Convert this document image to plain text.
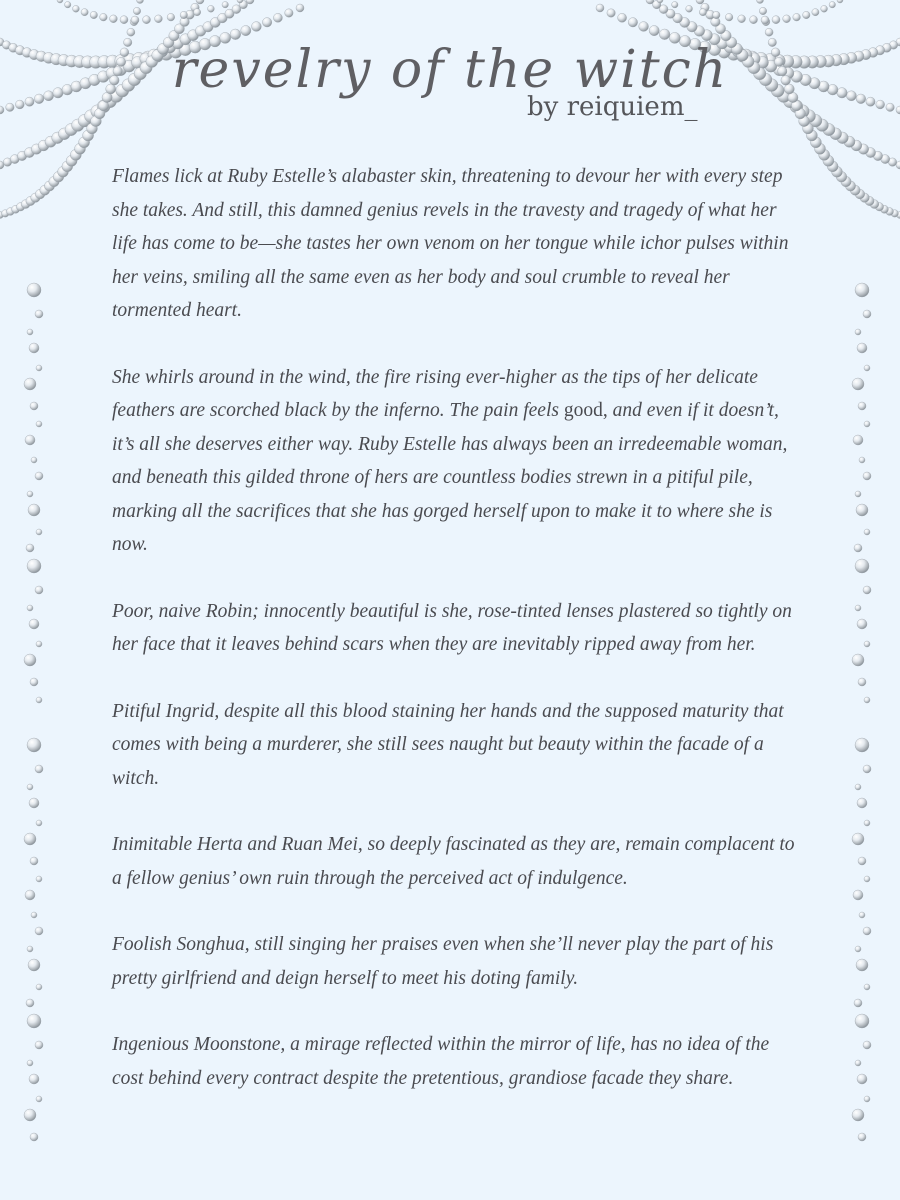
revelry of the witch
by reiquiem_

Flames lick at Ruby Estelle’s alabaster skin, threatening to devour her with every step she takes. And still, this damned genius revels in the travesty and tragedy of what her life has come to be—she tastes her own venom on her tongue while ichor pulses within her veins, smiling all the same even as her body and soul crumble to reveal her tormented heart.

She whirls around in the wind, the fire rising ever-higher as the tips of her delicate feathers are scorched black by the inferno. The pain feels good, and even if it doesn’t, it’s all she deserves either way. Ruby Estelle has always been an irredeemable woman, and beneath this gilded throne of hers are countless bodies strewn in a pitiful pile, marking all the sacrifices that she has gorged herself upon to make it to where she is now.

Poor, naive Robin; innocently beautiful is she, rose-tinted lenses plastered so tightly on her face that it leaves behind scars when they are inevitably ripped away from her.

Pitiful Ingrid, despite all this blood staining her hands and the supposed maturity that comes with being a murderer, she still sees naught but beauty within the facade of a witch.

Inimitable Herta and Ruan Mei, so deeply fascinated as they are, remain complacent to a fellow genius’ own ruin through the perceived act of indulgence.

Foolish Songhua, still singing her praises even when she’ll never play the part of his pretty girlfriend and deign herself to meet his doting family.

Ingenious Moonstone, a mirage reflected within the mirror of life, has no idea of the cost behind every contract despite the pretentious, grandiose facade they share.
